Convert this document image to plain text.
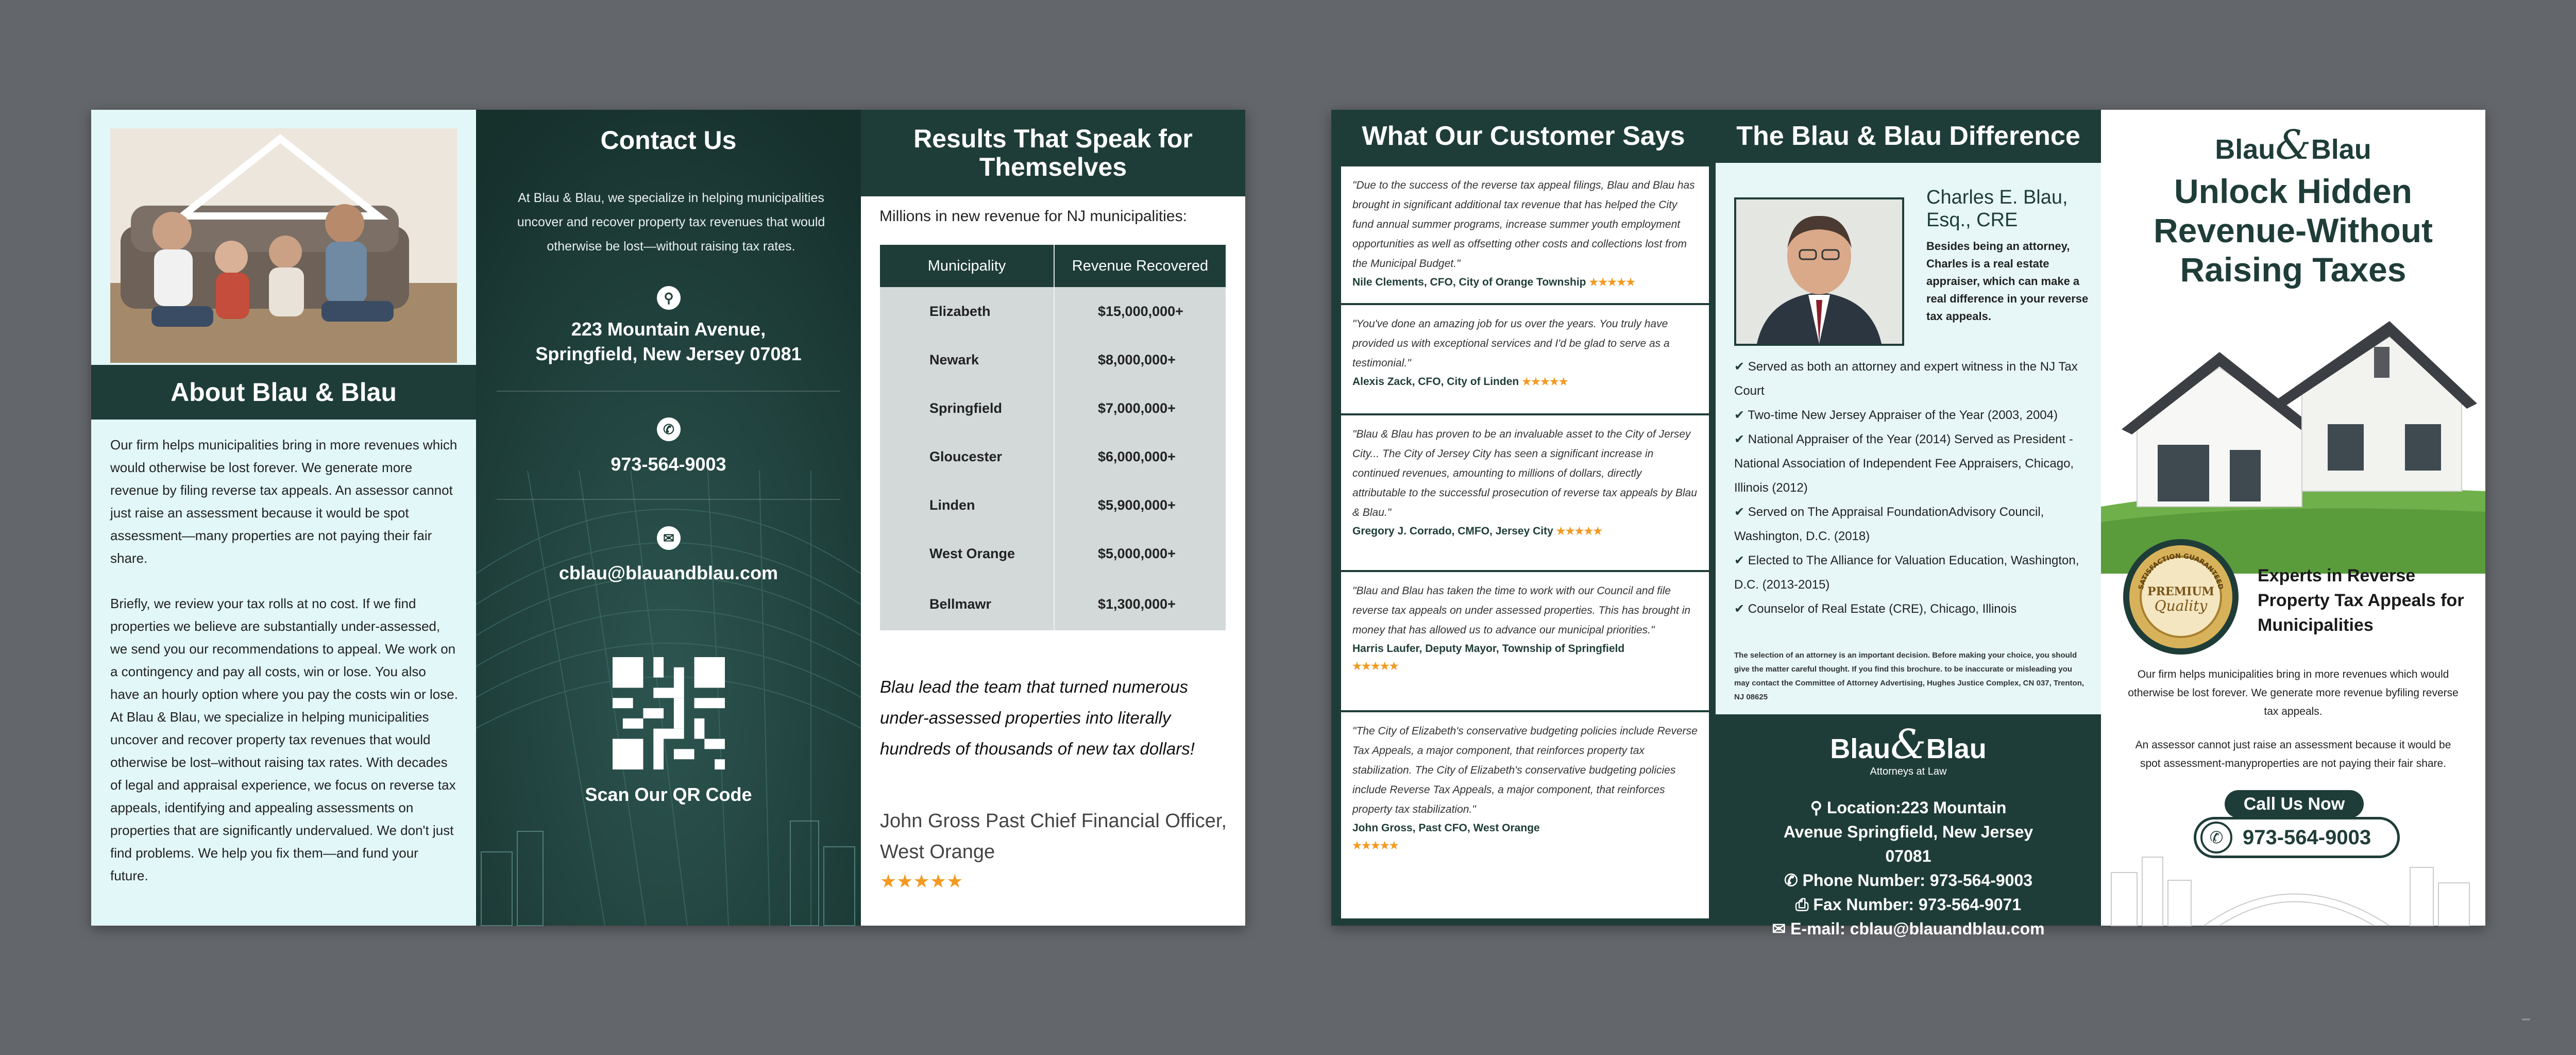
About Blau & Blau

Our firm helps municipalities bring in more revenues which would otherwise be lost forever. We generate more revenue by filing reverse tax appeals. An assessor cannot just raise an assessment because it would be spot assessment—many properties are not paying their fair share.

Briefly, we review your tax rolls at no cost. If we find properties we believe are substantially under-assessed, we send you our recommendations to appeal. We work on a contingency and pay all costs, win or lose. You also have an hourly option where you pay the costs win or lose. At Blau & Blau, we specialize in helping municipalities uncover and recover property tax revenues that would otherwise be lost–without raising tax rates. With decades of legal and appraisal experience, we focus on reverse tax appeals, identifying and appealing assessments on properties that are significantly undervalued. We don't just find problems. We help you fix them—and fund your future.

Contact Us
At Blau & Blau, we specialize in helping municipalities uncover and recover property tax revenues that would otherwise be lost—without raising tax rates.
⚲
223 Mountain Avenue,
Springfield, New Jersey 07081
✆
973-564-9003
✉
cblau@blauandblau.com
Scan Our QR Code
Results That Speak for Themselves
Millions in new revenue for NJ municipalities:
Municipality	Revenue Recovered
Elizabeth	$15,000,000+
Newark	$8,000,000+
Springfield	$7,000,000+
Gloucester	$6,000,000+
Linden	$5,900,000+
West Orange	$5,000,000+
Bellmawr	$1,300,000+
Blau lead the team that turned numerous under-assessed properties into literally hundreds of thousands of new tax dollars!
John Gross Past Chief Financial Officer, West Orange
★★★★★
What Our Customer Says
"Due to the success of the reverse tax appeal filings, Blau and Blau has brought in significant additional tax revenue that has helped the City fund annual summer programs, increase summer youth employment opportunities as well as offsetting other costs and collections lost from the Municipal Budget."
Nile Clements, CFO, City of Orange Township ★★★★★
"You've done an amazing job for us over the years. You truly have provided us with exceptional services and I'd be glad to serve as a testimonial."
Alexis Zack, CFO, City of Linden ★★★★★
"Blau & Blau has proven to be an invaluable asset to the City of Jersey City... The City of Jersey City has seen a significant increase in continued revenues, amounting to millions of dollars, directly attributable to the successful prosecution of reverse tax appeals by Blau & Blau."
Gregory J. Corrado, CMFO, Jersey City ★★★★★
"Blau and Blau has taken the time to work with our Council and file reverse tax appeals on under assessed properties. This has brought in money that has allowed us to advance our municipal priorities."
Harris Laufer, Deputy Mayor, Township of Springfield
★★★★★
"The City of Elizabeth's conservative budgeting policies include Reverse Tax Appeals, a major component, that reinforces property tax stabilization. The City of Elizabeth's conservative budgeting policies include Reverse Tax Appeals, a major component, that reinforces property tax stabilization."
John Gross, Past CFO, West Orange
★★★★★
The Blau & Blau Difference
Charles E. Blau, Esq., CRE
Besides being an attorney, Charles is a real estate appraiser, which can make a real difference in your reverse tax appeals.
✔ Served as both an attorney and expert witness in the NJ Tax Court
✔ Two-time New Jersey Appraiser of the Year (2003, 2004)
✔ National Appraiser of the Year (2014) Served as President - National Association of Independent Fee Appraisers, Chicago, Illinois (2012)
✔ Served on The Appraisal FoundationAdvisory Council, Washington, D.C. (2018)
✔ Elected to The Alliance for Valuation Education, Washington, D.C. (2013-2015)
✔ Counselor of Real Estate (CRE), Chicago, Illinois
The selection of an attorney is an important decision. Before making your choice, you should give the matter careful thought. If you find this brochure. to be inaccurate or misleading you may contact the Committee of Attorney Advertising, Hughes Justice Complex, CN 037, Trenton, NJ 08625
Blau&Blau
Attorneys at Law
⚲ Location:223 Mountain Avenue Springfield, New Jersey 07081
✆ Phone Number: 973-564-9003
⎙ Fax Number: 973-564-9071
✉ E-mail: cblau@blauandblau.com
Blau&Blau
Unlock Hidden Revenue-Without Raising Taxes
SATISFACTION GUARANTEED
PREMIUM
Quality
Experts in Reverse Property Tax Appeals for Municipalities
Our firm helps municipalities bring in more revenues which would otherwise be lost forever. We generate more revenue byfiling reverse tax appeals.
An assessor cannot just raise an assessment because it would be spot assessment-manyproperties are not paying their fair share.
Call Us Now
✆ 973-564-9003
